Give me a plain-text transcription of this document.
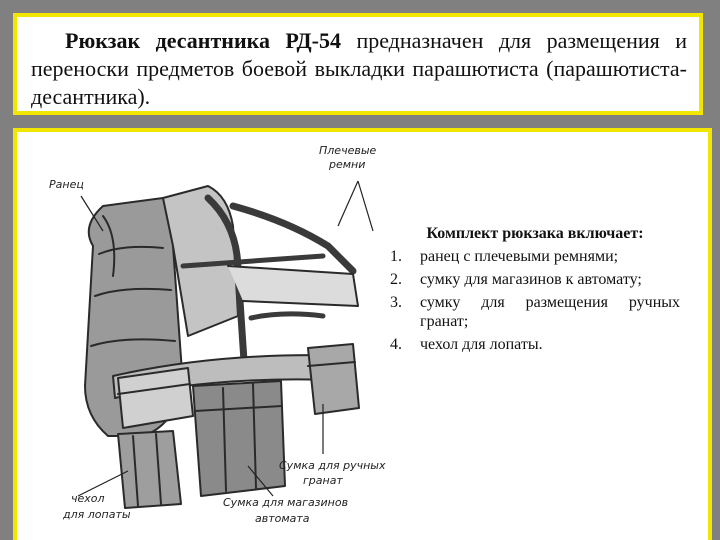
Рюкзак десантника РД-54 предназначен для размещения и переноски предметов боевой выкладки парашютиста (парашютиста-десантника).

Плечевые
ремни
Ранец
Сумка для ручных
гранат
чехол
для лопаты
Сумка для магазинов
автомата

Комплект рюкзака включает:

1.	ранец с плечевыми ремнями;
2.	сумку для магазинов к автомату;
3.	сумку для размещения ручных гранат;
4.	чехол для лопаты.
